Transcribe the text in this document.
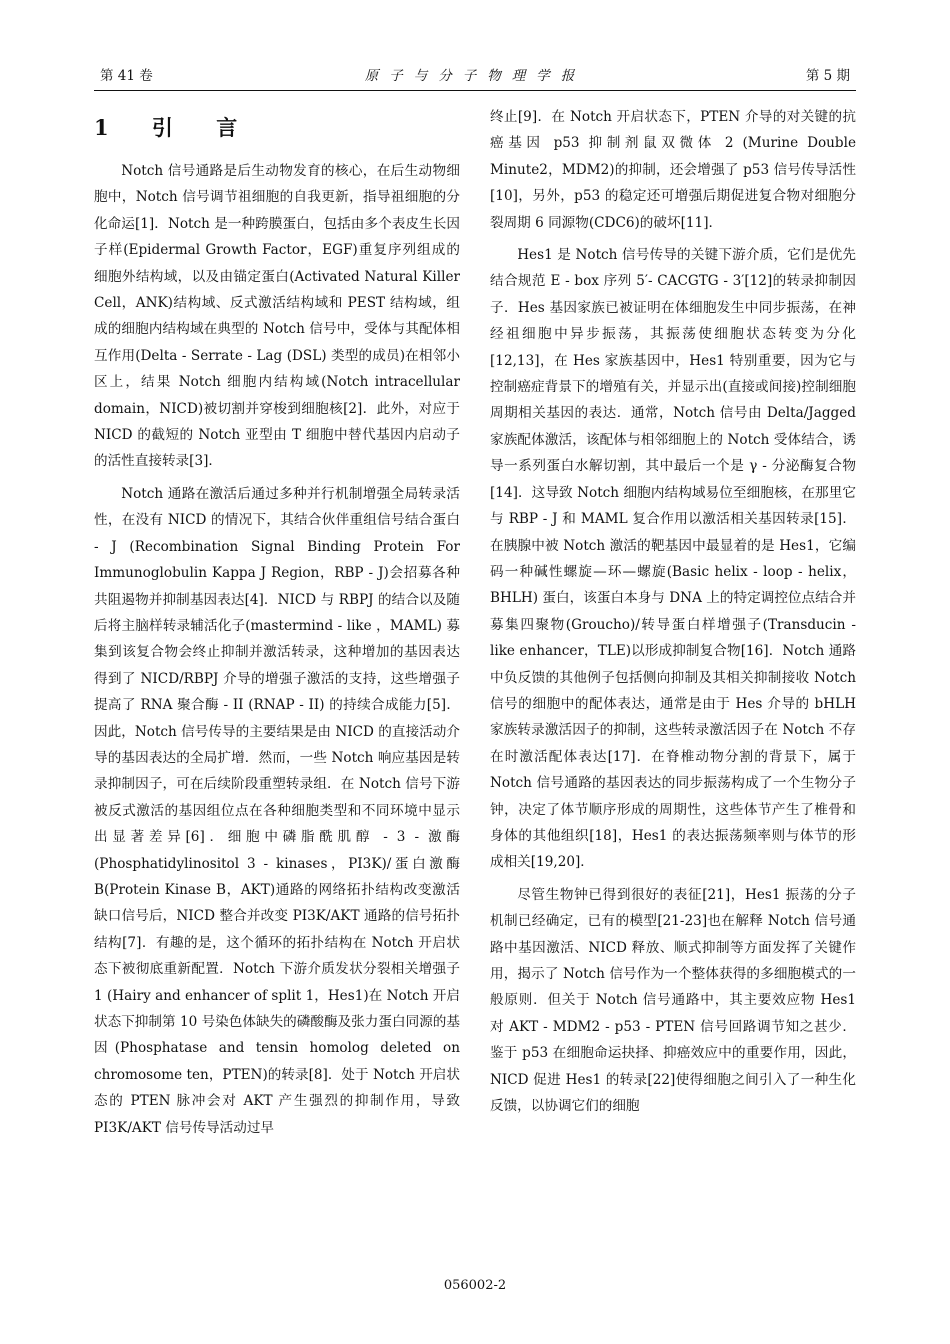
第 41 卷	原子与分子物理学报	第 5 期
1 引 言

Notch 信号通路是后生动物发育的核心，在后生动物细胞中，Notch 信号调节祖细胞的自我更新，指导祖细胞的分化命运[1]．Notch 是一种跨膜蛋白，包括由多个表皮生长因子样(Epidermal Growth Factor，EGF)重复序列组成的细胞外结构域，以及由锚定蛋白(Activated Natural Killer Cell，ANK)结构域、反式激活结构域和 PEST 结构域，组成的细胞内结构域在典型的 Notch 信号中，受体与其配体相互作用(Delta - Serrate - Lag (DSL) 类型的成员)在相邻小区上，结果 Notch 细胞内结构域(Notch intracellular domain，NICD)被切割并穿梭到细胞核[2]．此外，对应于 NICD 的截短的 Notch 亚型由 T 细胞中替代基因内启动子的活性直接转录[3]．

Notch 通路在激活后通过多种并行机制增强全局转录活性，在没有 NICD 的情况下，其结合伙伴重组信号结合蛋白 - J (Recombination Signal Binding Protein For Immunoglobulin Kappa J Region，RBP - J)会招募各种共阻遏物并抑制基因表达[4]．NICD 与 RBPJ 的结合以及随后将主脑样转录辅活化子(mastermind - like ，MAML) 募集到该复合物会终止抑制并激活转录，这种增加的基因表达得到了 NICD/RBPJ 介导的增强子激活的支持，这些增强子提高了 RNA 聚合酶 - II (RNAP - II) 的持续合成能力[5]．因此，Notch 信号传导的主要结果是由 NICD 的直接活动介导的基因表达的全局扩增．然而，一些 Notch 响应基因是转录抑制因子，可在后续阶段重塑转录组．在 Notch 信号下游被反式激活的基因组位点在各种细胞类型和不同环境中显示出显著差异[6]．细胞中磷脂酰肌醇 - 3 - 激酶(Phosphatidylinositol 3 - kinases，PI3K)/蛋白激酶 B(Protein Kinase B，AKT)通路的网络拓扑结构改变激活缺口信号后，NICD 整合并改变 PI3K/AKT 通路的信号拓扑结构[7]．有趣的是，这个循环的拓扑结构在 Notch 开启状态下被彻底重新配置．Notch 下游介质发状分裂相关增强子 1 (Hairy and enhancer of split 1，Hes1)在 Notch 开启状态下抑制第 10 号染色体缺失的磷酸酶及张力蛋白同源的基因(Phosphatase and tensin homolog deleted on chromosome ten，PTEN)的转录[8]．处于 Notch 开启状态的 PTEN 脉冲会对 AKT 产生强烈的抑制作用，导致 PI3K/AKT 信号传导活动过早

终止[9]．在 Notch 开启状态下，PTEN 介导的对关键的抗癌基因 p53 抑制剂鼠双微体 2 (Murine Double Minute2，MDM2)的抑制，还会增强了 p53 信号传导活性[10]，另外，p53 的稳定还可增强后期促进复合物对细胞分裂周期 6 同源物(CDC6)的破坏[11]．

Hes1 是 Notch 信号传导的关键下游介质，它们是优先结合规范 E - box 序列 5′- CACGTG - 3′[12]的转录抑制因子．Hes 基因家族已被证明在体细胞发生中同步振荡，在神经祖细胞中异步振荡，其振荡使细胞状态转变为分化[12,13]，在 Hes 家族基因中，Hes1 特别重要，因为它与控制癌症背景下的增殖有关，并显示出(直接或间接)控制细胞周期相关基因的表达．通常，Notch 信号由 Delta/Jagged 家族配体激活，该配体与相邻细胞上的 Notch 受体结合，诱导一系列蛋白水解切割，其中最后一个是 γ - 分泌酶复合物[14]．这导致 Notch 细胞内结构域易位至细胞核，在那里它与 RBP - J 和 MAML 复合作用以激活相关基因转录[15]．在胰腺中被 Notch 激活的靶基因中最显着的是 Hes1，它编码一种碱性螺旋—环—螺旋(Basic helix - loop - helix，BHLH) 蛋白，该蛋白本身与 DNA 上的特定调控位点结合并募集四聚物(Groucho)/转导蛋白样增强子(Transducin - like enhancer，TLE)以形成抑制复合物[16]．Notch 通路中负反馈的其他例子包括侧向抑制及其相关抑制接收 Notch 信号的细胞中的配体表达，通常是由于 Hes 介导的 bHLH 家族转录激活因子的抑制，这些转录激活因子在 Notch 不存在时激活配体表达[17]．在脊椎动物分割的背景下，属于 Notch 信号通路的基因表达的同步振荡构成了一个生物分子钟，决定了体节顺序形成的周期性，这些体节产生了椎骨和身体的其他组织[18]，Hes1 的表达振荡频率则与体节的形成相关[19,20]．

尽管生物钟已得到很好的表征[21]，Hes1 振荡的分子机制已经确定，已有的模型[21-23]也在解释 Notch 信号通路中基因激活、NICD 释放、顺式抑制等方面发挥了关键作用，揭示了 Notch 信号作为一个整体获得的多细胞模式的一般原则．但关于 Notch 信号通路中，其主要效应物 Hes1 对 AKT - MDM2 - p53 - PTEN 信号回路调节知之甚少．鉴于 p53 在细胞命运抉择、抑癌效应中的重要作用，因此，NICD 促进 Hes1 的转录[22]使得细胞之间引入了一种生化反馈，以协调它们的细胞

056002-2
